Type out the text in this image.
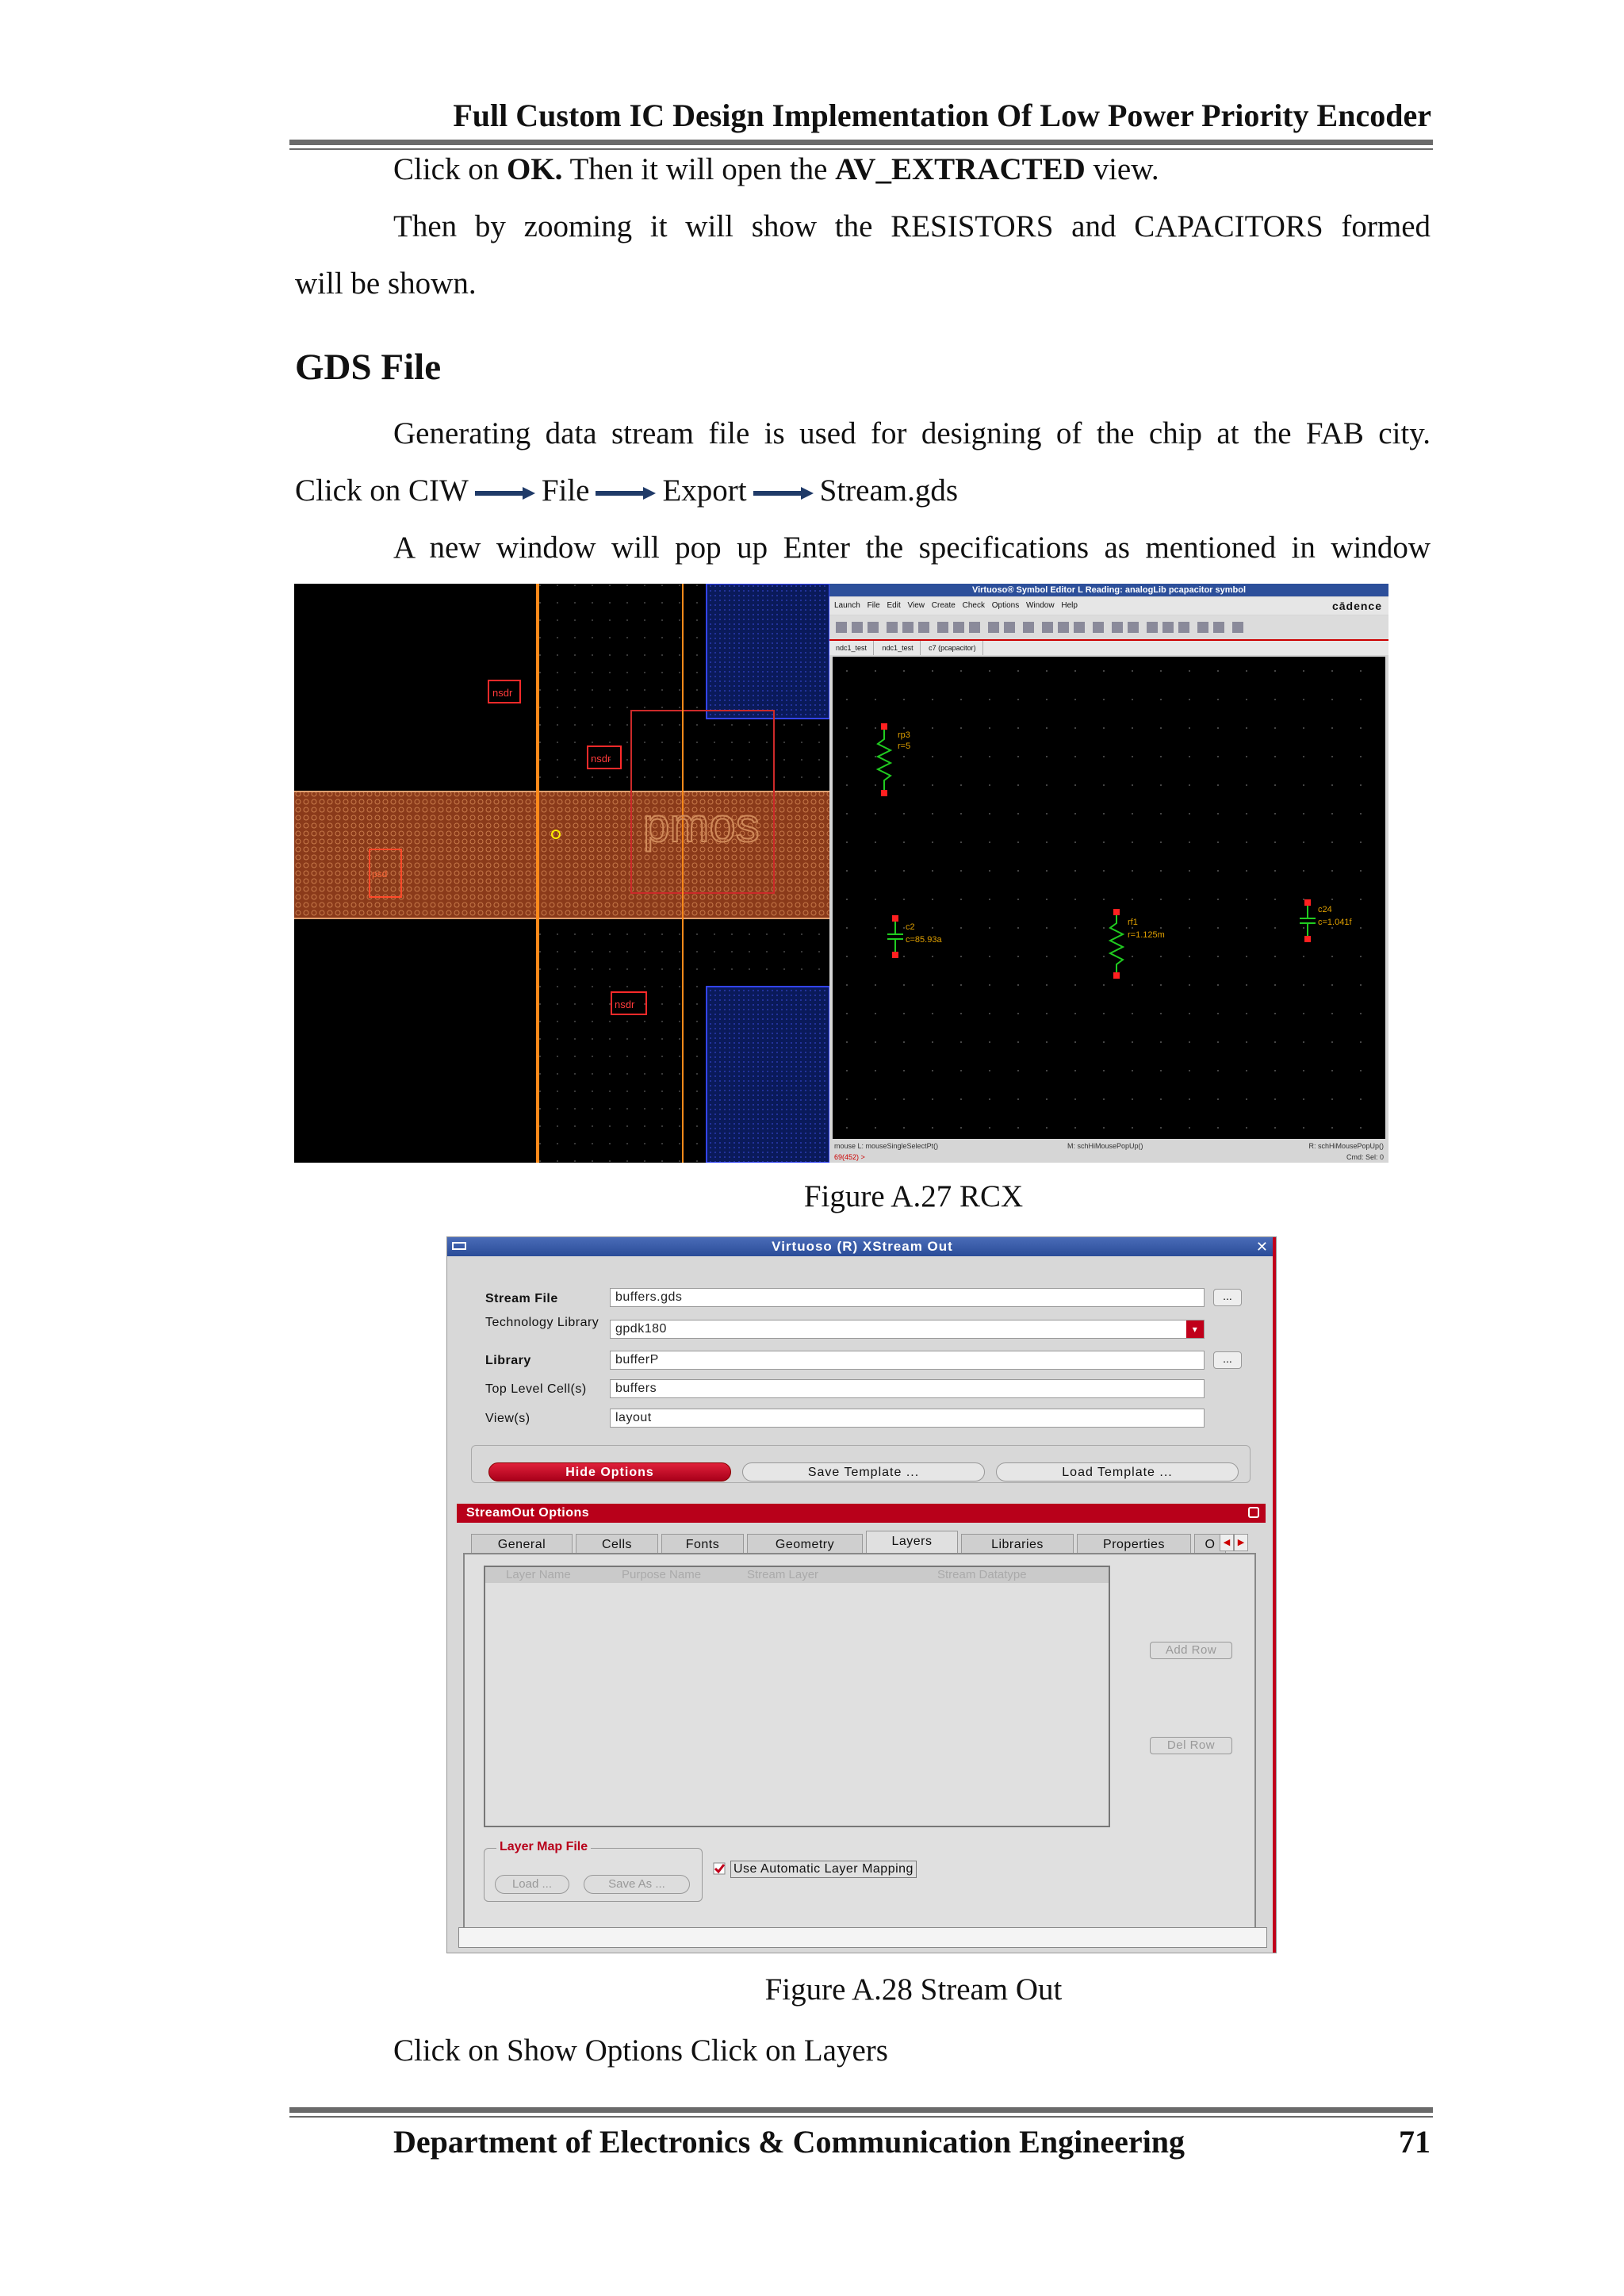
Full Custom IC Design Implementation Of Low Power Priority Encoder
Click on OK. Then it will open the AV_EXTRACTED view.
Then by zooming it will show the RESISTORS and CAPACITORS formed
will be shown.
GDS File
Generating data stream file is used for designing of the chip at the FAB city.
Click on CIW File Export Stream.gds
A new window will pop up Enter the specifications as mentioned in window
nsdr
nsdr
nsdr
psd
pmos
Virtuoso® Symbol Editor L Reading: analogLib pcapacitor symbol
Launch File Edit View Create Check Options Window Help	cādence
ndc1_test ndc1_test c7 (pcapacitor)
rp3
r=5
c2
c=85.93a
rf1
r=1.125m
c24
c=1.041f
mouse L: mouseSingleSelectPt()	M: schHiMousePopUp()	R: schHiMousePopUp()
69(452) >	Cmd: Sel: 0
Figure A.27 RCX
Virtuoso (R) XStream Out	✕
Stream File	buffers.gds	...
Technology Library	gpdk180	▾
Library	bufferP	...
Top Level Cell(s)	buffers
View(s)	layout
Hide Options	Save Template ...	Load Template ...
StreamOut Options
General	Cells	Fonts	Geometry	Layers	Libraries	Properties	O ◀ ▶
Layer Name	Purpose Name	Stream Layer	Stream Datatype
Add Row
Del Row
Layer Map File
Load ...	Save As ...
Use Automatic Layer Mapping
Figure A.28 Stream Out
Click on Show Options Click on Layers
Department of Electronics & Communication Engineering	71
